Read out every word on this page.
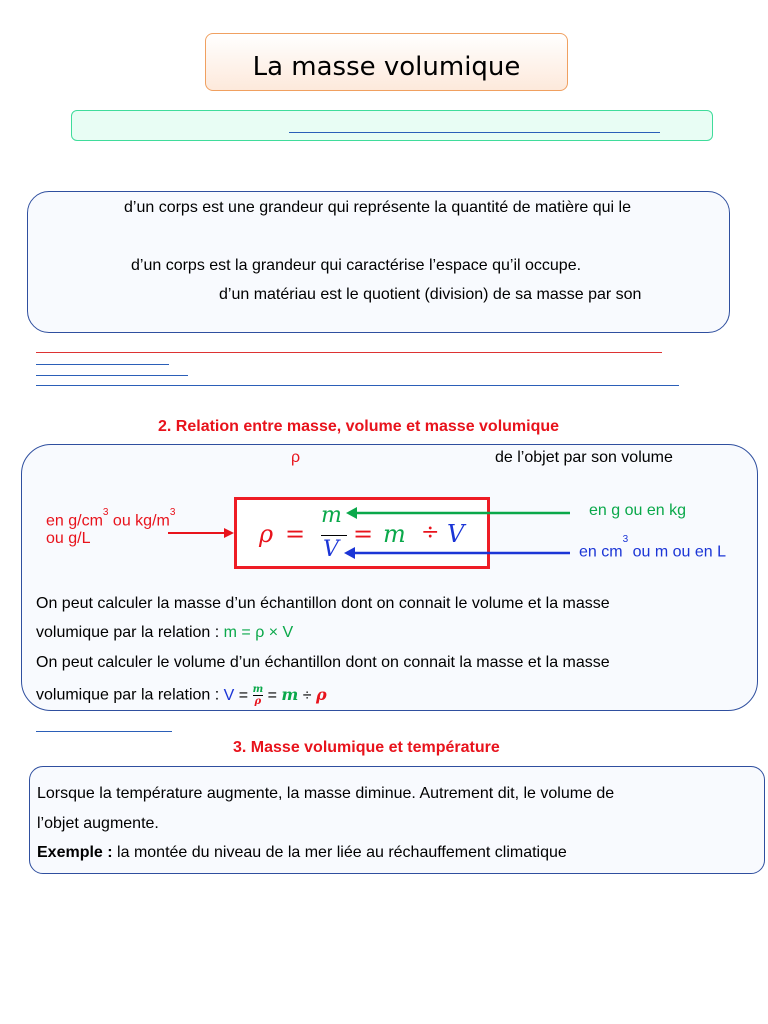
La masse volumique
d’un corps est une grandeur qui représente la quantité de matière qui le
d’un corps est la grandeur qui caractérise l’espace qu’il occupe.
d’un matériau est le quotient (division) de sa masse par son
2. Relation entre masse, volume et masse volumique
ρ	de l’objet par son volume
en $g/cm^3$ ou $kg/m^3$
ou g/L
en g ou en kg
en $cm^3$ ou m ou en L
On peut calculer la masse d’un échantillon dont on connait le volume et la masse
volumique par la relation : m = ρ × V
On peut calculer le volume d’un échantillon dont on connait la masse et la masse
volumique par la relation : $V = \frac{m}{\rho} = m \div \rho$
ρ =
m
V
= m ÷ V
3. Masse volumique et température
Lorsque la température augmente, la masse diminue. Autrement dit, le volume de
l’objet augmente.
Exemple : la montée du niveau de la mer liée au réchauffement climatique
